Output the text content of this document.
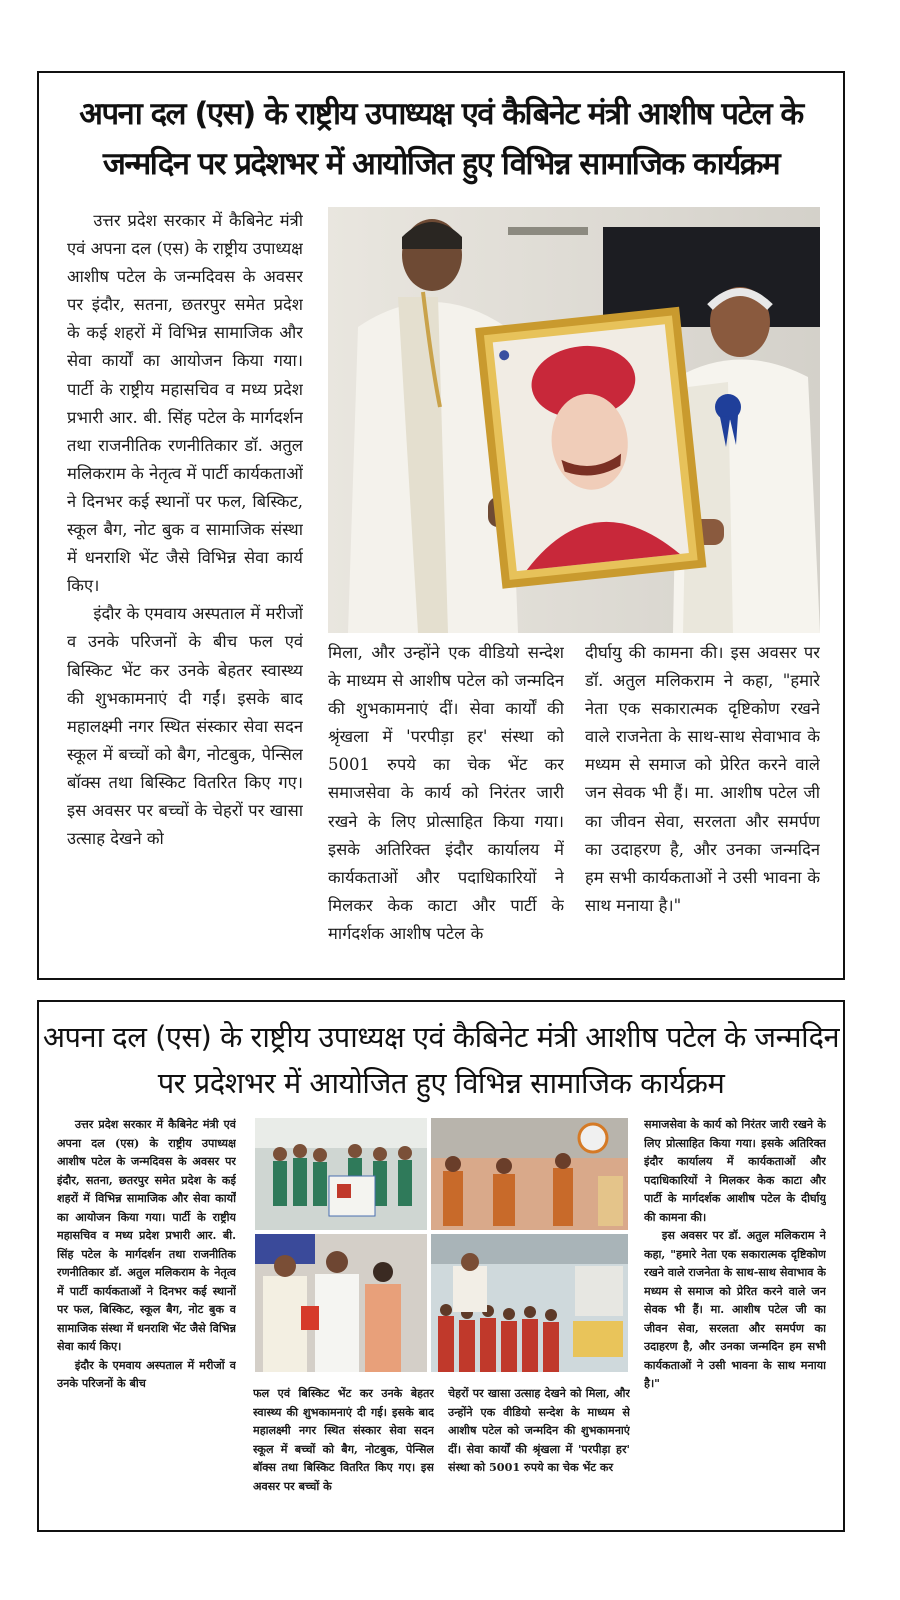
अपना दल (एस) के राष्ट्रीय उपाध्यक्ष एवं कैबिनेट मंत्री आशीष पटेल के जन्मदिन पर प्रदेशभर में आयोजित हुए विभिन्न सामाजिक कार्यक्रम

उत्तर प्रदेश सरकार में कैबिनेट मंत्री एवं अपना दल (एस) के राष्ट्रीय उपाध्यक्ष आशीष पटेल के जन्मदिवस के अवसर पर इंदौर, सतना, छतरपुर समेत प्रदेश के कई शहरों में विभिन्न सामाजिक और सेवा कार्यों का आयोजन किया गया। पार्टी के राष्ट्रीय महासचिव व मध्य प्रदेश प्रभारी आर. बी. सिंह पटेल के मार्गदर्शन तथा राजनीतिक रणनीतिकार डॉ. अतुल मलिकराम के नेतृत्व में पार्टी कार्यकताओं ने दिनभर कई स्थानों पर फल, बिस्किट, स्कूल बैग, नोट बुक व सामाजिक संस्था में धनराशि भेंट जैसे विभिन्न सेवा कार्य किए।

इंदौर के एमवाय अस्पताल में मरीजों व उनके परिजनों के बीच फल एवं बिस्किट भेंट कर उनके बेहतर स्वास्थ्य की शुभकामनाएं दी गईं। इसके बाद महालक्ष्मी नगर स्थित संस्कार सेवा सदन स्कूल में बच्चों को बैग, नोटबुक, पेन्सिल बॉक्स तथा बिस्किट वितरित किए गए। इस अवसर पर बच्चों के चेहरों पर खासा उत्साह देखने को

मिला, और उन्होंने एक वीडियो सन्देश के माध्यम से आशीष पटेल को जन्मदिन की शुभकामनाएं दीं। सेवा कार्यों की श्रृंखला में 'परपीड़ा हर' संस्था को 5001 रुपये का चेक भेंट कर समाजसेवा के कार्य को निरंतर जारी रखने के लिए प्रोत्साहित किया गया। इसके अतिरिक्त इंदौर कार्यालय में कार्यकताओं और पदाधिकारियों ने मिलकर केक काटा और पार्टी के मार्गदर्शक आशीष पटेल के

दीर्घायु की कामना की। इस अवसर पर डॉ. अतुल मलिकराम ने कहा, "हमारे नेता एक सकारात्मक दृष्टिकोण रखने वाले राजनेता के साथ-साथ सेवाभाव के मध्यम से समाज को प्रेरित करने वाले जन सेवक भी हैं। मा. आशीष पटेल जी का जीवन सेवा, सरलता और समर्पण का उदाहरण है, और उनका जन्मदिन हम सभी कार्यकताओं ने उसी भावना के साथ मनाया है।"

अपना दल (एस) के राष्ट्रीय उपाध्यक्ष एवं कैबिनेट मंत्री आशीष पटेल के जन्मदिन पर प्रदेशभर में आयोजित हुए विभिन्न सामाजिक कार्यक्रम

उत्तर प्रदेश सरकार में कैबिनेट मंत्री एवं अपना दल (एस) के राष्ट्रीय उपाध्यक्ष आशीष पटेल के जन्मदिवस के अवसर पर इंदौर, सतना, छतरपुर समेत प्रदेश के कई शहरों में विभिन्न सामाजिक और सेवा कार्यों का आयोजन किया गया। पार्टी के राष्ट्रीय महासचिव व मध्य प्रदेश प्रभारी आर. बी. सिंह पटेल के मार्गदर्शन तथा राजनीतिक रणनीतिकार डॉ. अतुल मलिकराम के नेतृत्व में पार्टी कार्यकताओं ने दिनभर कई स्थानों पर फल, बिस्किट, स्कूल बैग, नोट बुक व सामाजिक संस्था में धनराशि भेंट जैसे विभिन्न सेवा कार्य किए।

इंदौर के एमवाय अस्पताल में मरीजों व उनके परिजनों के बीच

फल एवं बिस्किट भेंट कर उनके बेहतर स्वास्थ्य की शुभकामनाएं दी गई। इसके बाद महालक्ष्मी नगर स्थित संस्कार सेवा सदन स्कूल में बच्चों को बैग, नोटबुक, पेन्सिल बॉक्स तथा बिस्किट वितरित किए गए। इस अवसर पर बच्चों के

चेहरों पर खासा उत्साह देखने को मिला, और उन्होंने एक वीडियो सन्देश के माध्यम से आशीष पटेल को जन्मदिन की शुभकामनाएं दीं। सेवा कार्यों की श्रृंखला में 'परपीड़ा हर' संस्था को 5001 रुपये का चेक भेंट कर

समाजसेवा के कार्य को निरंतर जारी रखने के लिए प्रोत्साहित किया गया। इसके अतिरिक्त इंदौर कार्यालय में कार्यकताओं और पदाधिकारियों ने मिलकर केक काटा और पार्टी के मार्गदर्शक आशीष पटेल के दीर्घायु की कामना की।

इस अवसर पर डॉ. अतुल मलिकराम ने कहा, "हमारे नेता एक सकारात्मक दृष्टिकोण रखने वाले राजनेता के साथ-साथ सेवाभाव के मध्यम से समाज को प्रेरित करने वाले जन सेवक भी हैं। मा. आशीष पटेल जी का जीवन सेवा, सरलता और समर्पण का उदाहरण है, और उनका जन्मदिन हम सभी कार्यकताओं ने उसी भावना के साथ मनाया है।"
